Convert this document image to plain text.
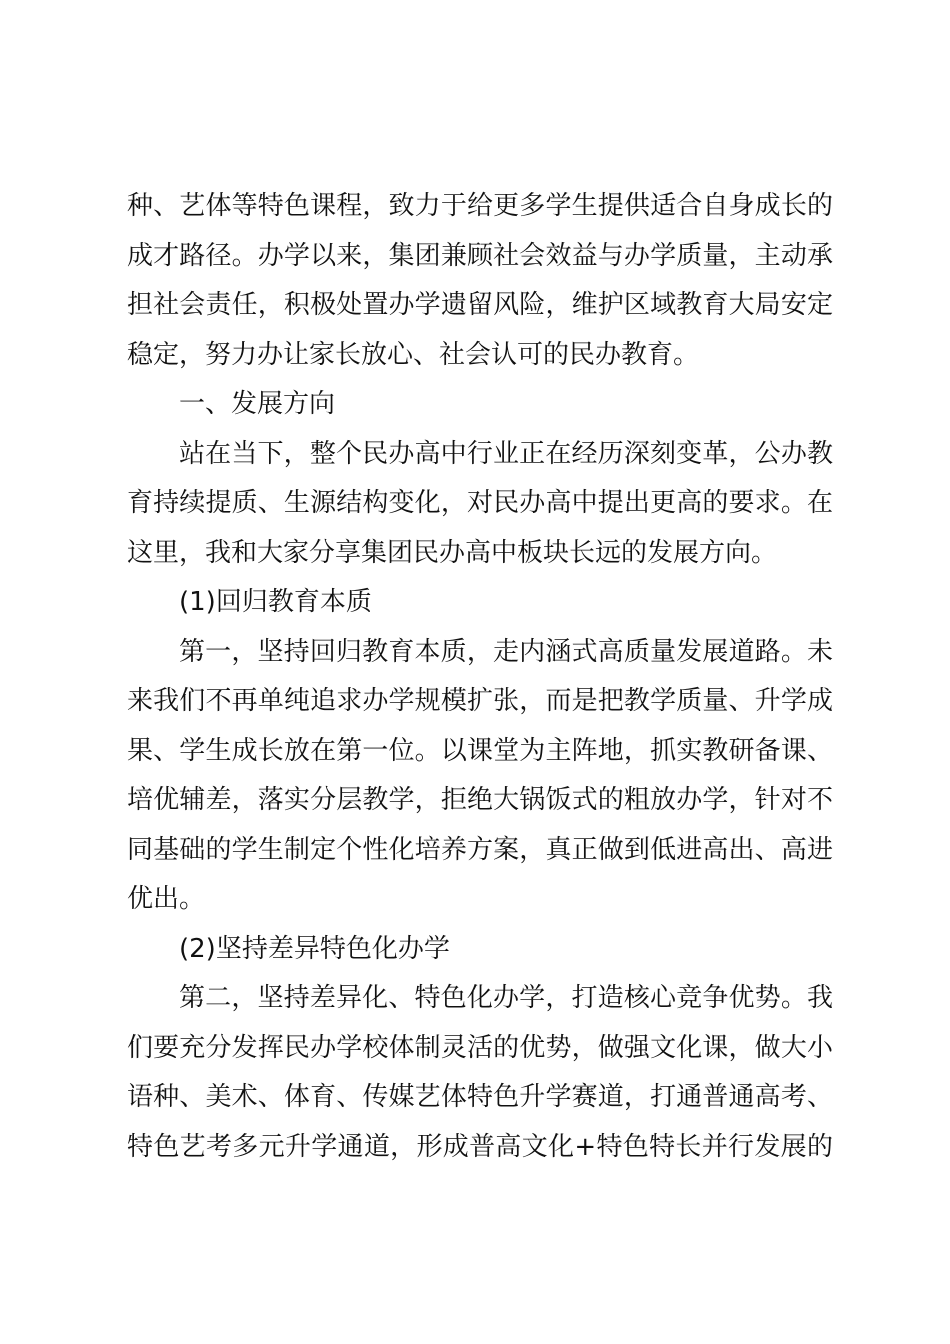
种、艺体等特色课程，致力于给更多学生提供适合自身成长的
成才路径。办学以来，集团兼顾社会效益与办学质量，主动承
担社会责任，积极处置办学遗留风险，维护区域教育大局安定
稳定，努力办让家长放心、社会认可的民办教育。
一、发展方向
站在当下，整个民办高中行业正在经历深刻变革，公办教
育持续提质、生源结构变化，对民办高中提出更高的要求。在
这里，我和大家分享集团民办高中板块长远的发展方向。
(1)回归教育本质
第一，坚持回归教育本质，走内涵式高质量发展道路。未
来我们不再单纯追求办学规模扩张，而是把教学质量、升学成
果、学生成长放在第一位。以课堂为主阵地，抓实教研备课、
培优辅差，落实分层教学，拒绝大锅饭式的粗放办学，针对不
同基础的学生制定个性化培养方案，真正做到低进高出、高进
优出。
(2)坚持差异特色化办学
第二，坚持差异化、特色化办学，打造核心竞争优势。我
们要充分发挥民办学校体制灵活的优势，做强文化课，做大小
语种、美术、体育、传媒艺体特色升学赛道，打通普通高考、
特色艺考多元升学通道，形成普高文化+特色特长并行发展的
